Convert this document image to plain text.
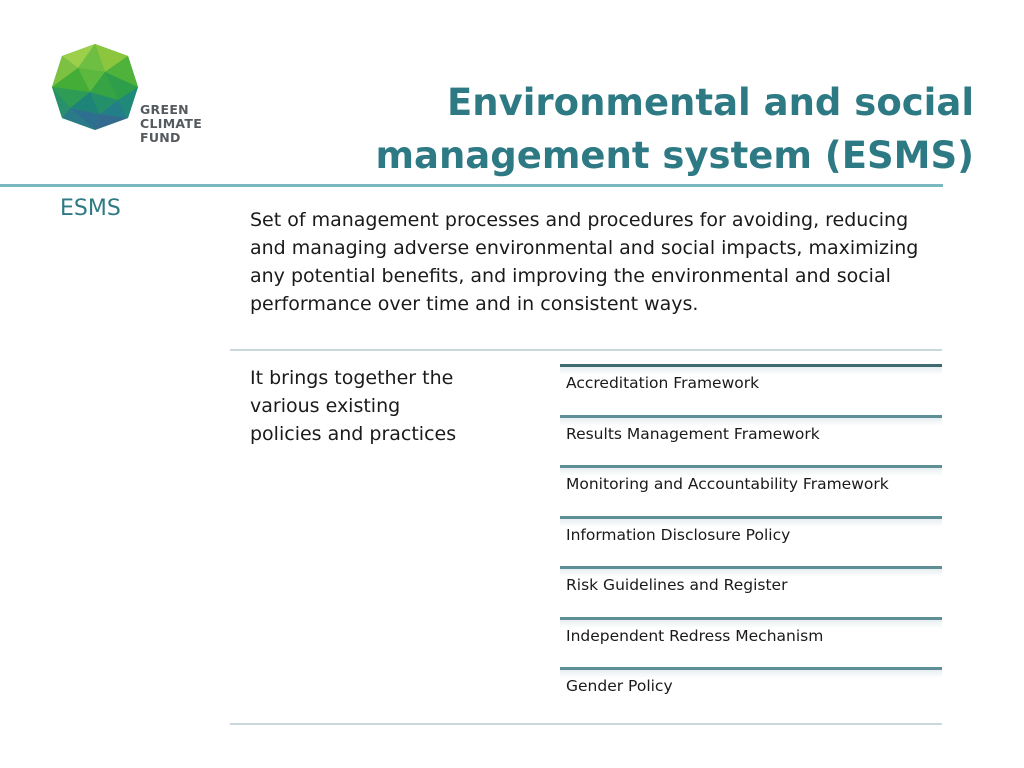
GREEN
CLIMATE
FUND
Environmental and social
management system (ESMS)
ESMS	Set of management processes and procedures for avoiding, reducing and managing adverse environmental and social impacts, maximizing any potential benefits, and improving the environmental and social performance over time and in consistent ways.
It brings together the various existing policies and practices
Accreditation Framework
Results Management Framework
Monitoring and Accountability Framework
Information Disclosure Policy
Risk Guidelines and Register
Independent Redress Mechanism
Gender Policy
